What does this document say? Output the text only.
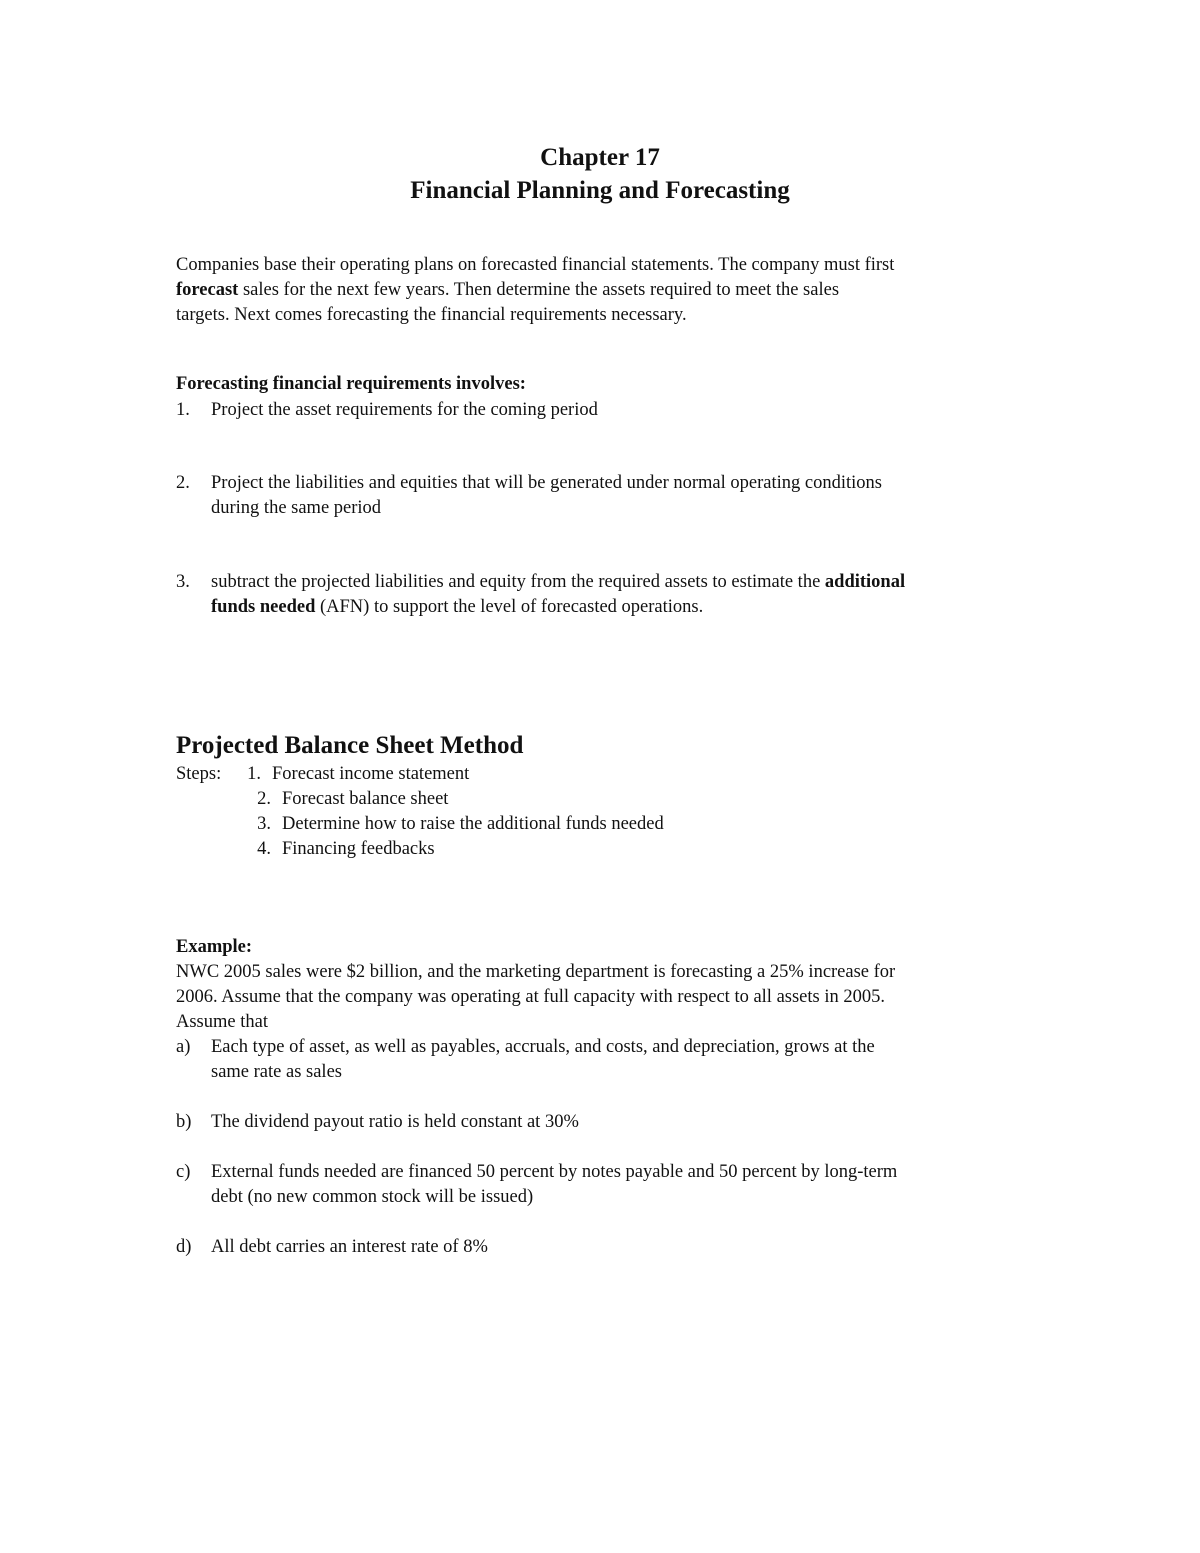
Chapter 17
Financial Planning and Forecasting
Companies base their operating plans on forecasted financial statements. The company must first
forecast sales for the next few years. Then determine the assets required to meet the sales
targets. Next comes forecasting the financial requirements necessary.
Forecasting financial requirements involves:
1. Project the asset requirements for the coming period
2. Project the liabilities and equities that will be generated under normal operating conditions
during the same period
3. subtract the projected liabilities and equity from the required assets to estimate the additional
funds needed (AFN) to support the level of forecasted operations.
Projected Balance Sheet Method
Steps:	1. Forecast income statement
2. Forecast balance sheet
3. Determine how to raise the additional funds needed
4. Financing feedbacks
Example:
NWC 2005 sales were $2 billion, and the marketing department is forecasting a 25% increase for
2006. Assume that the company was operating at full capacity with respect to all assets in 2005.
Assume that
a) Each type of asset, as well as payables, accruals, and costs, and depreciation, grows at the
same rate as sales
b) The dividend payout ratio is held constant at 30%
c) External funds needed are financed 50 percent by notes payable and 50 percent by long-term
debt (no new common stock will be issued)
d) All debt carries an interest rate of 8%
